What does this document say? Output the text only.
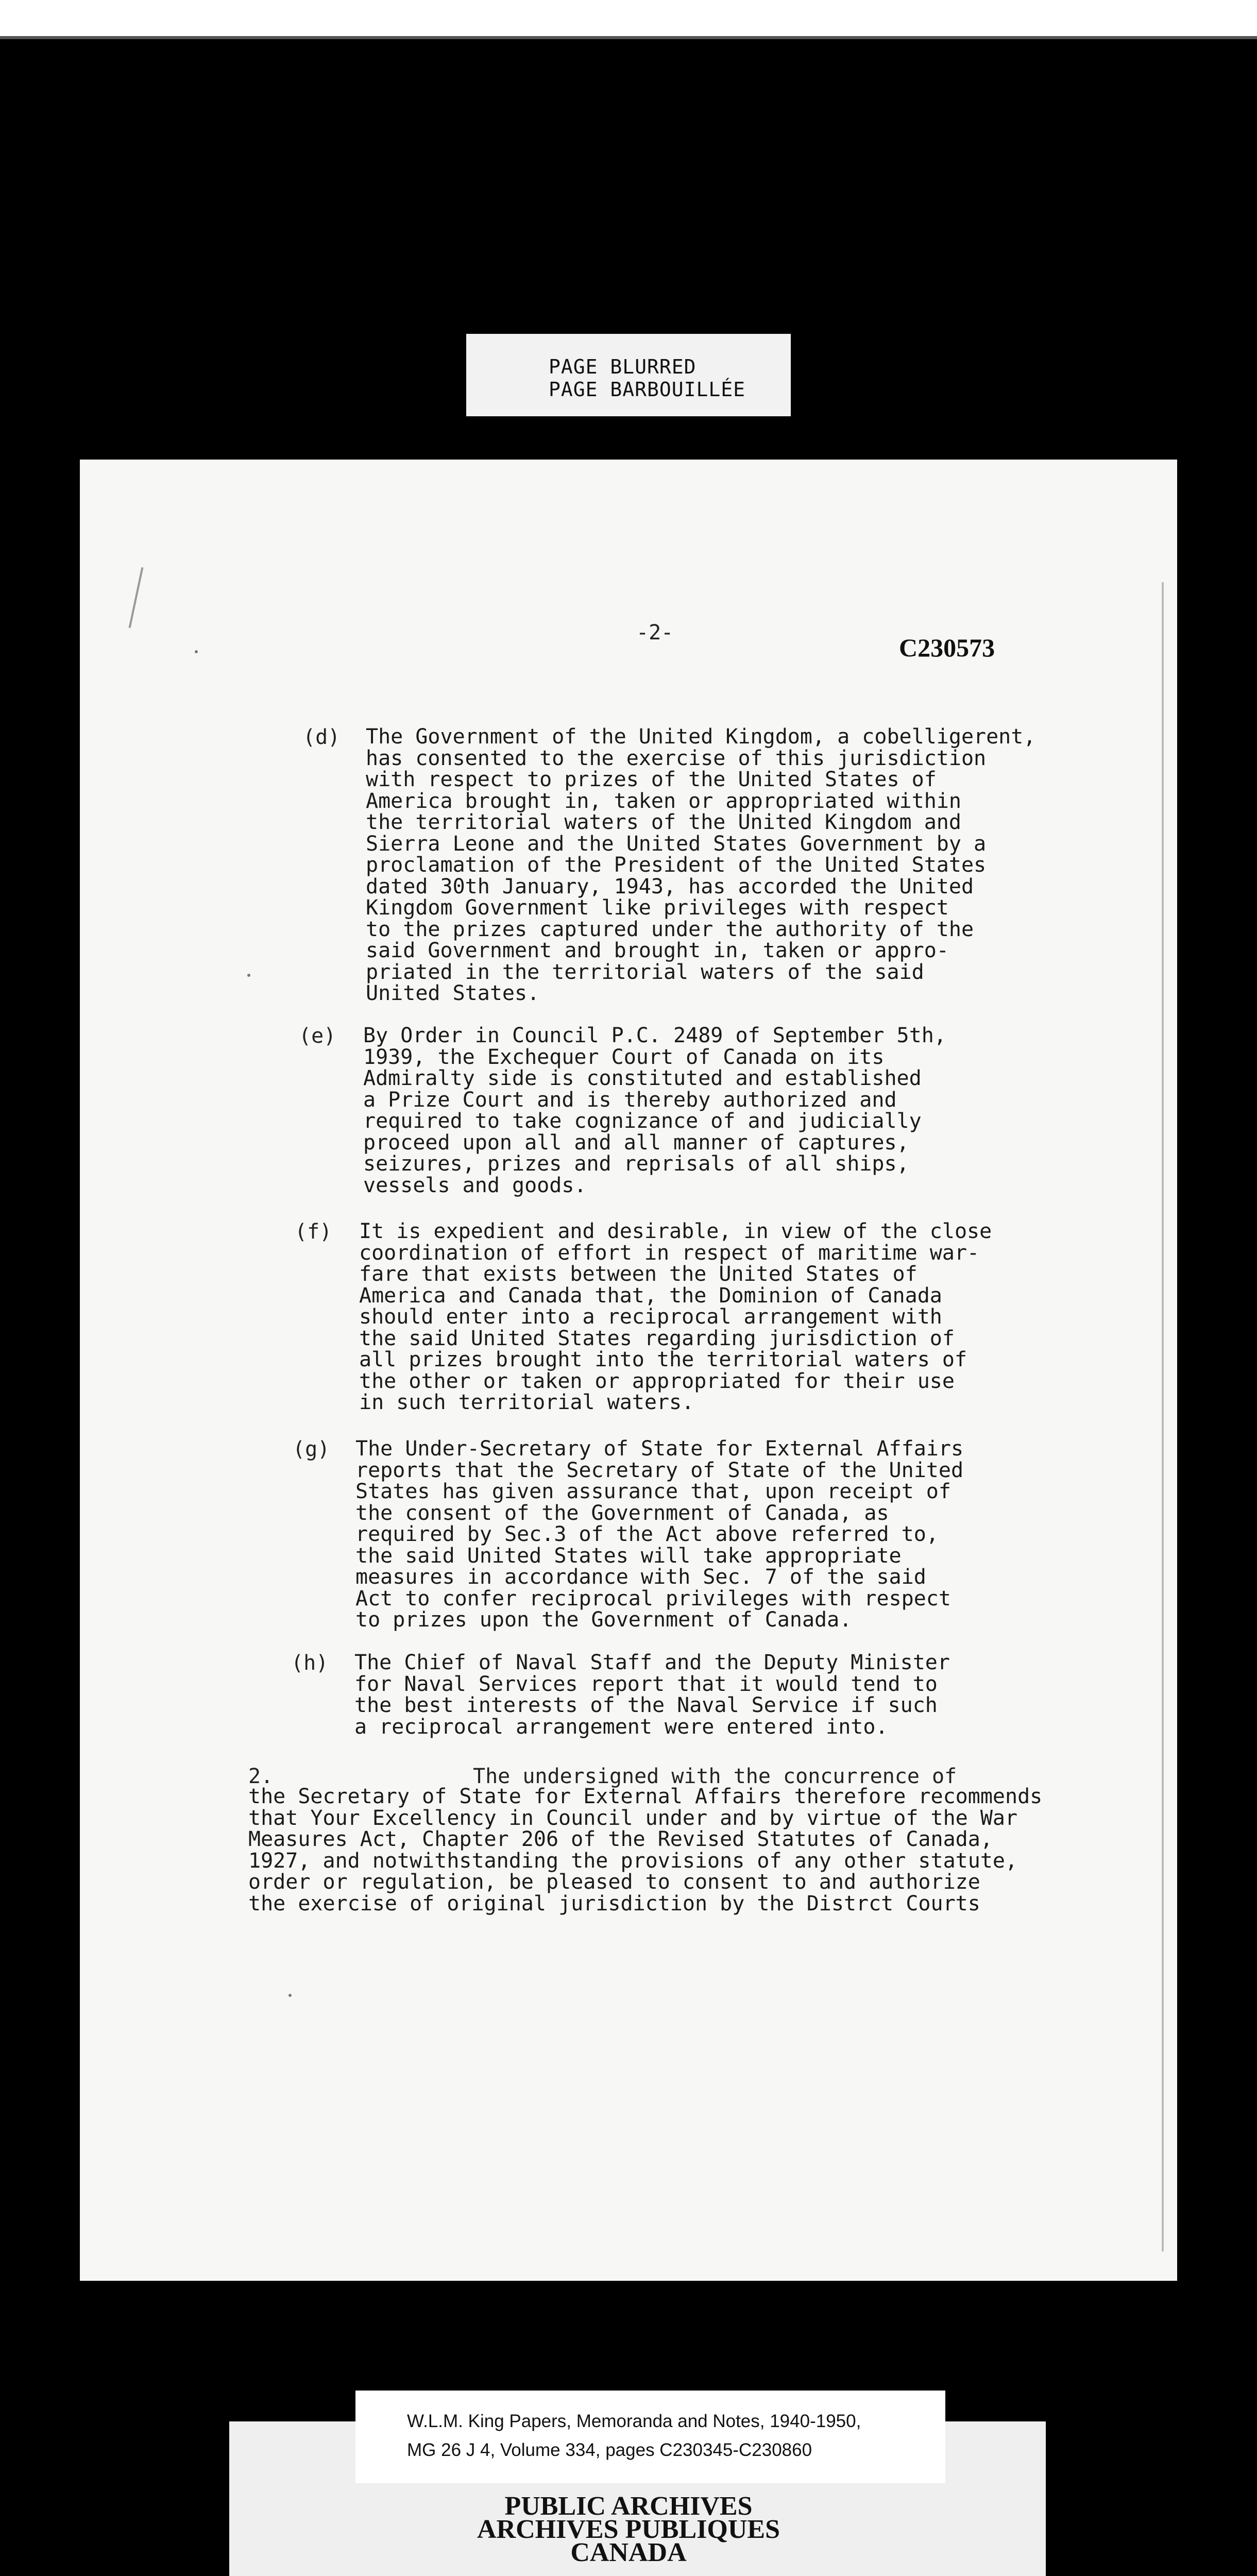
PAGE BLURRED
PAGE BARBOUILLÉE
-2-
C230573
(d) The Government of the United Kingdom, a cobelligerent,
has consented to the exercise of this jurisdiction
with respect to prizes of the United States of
America brought in, taken or appropriated within
the territorial waters of the United Kingdom and
Sierra Leone and the United States Government by a
proclamation of the President of the United States
dated 30th January, 1943, has accorded the United
Kingdom Government like privileges with respect
to the prizes captured under the authority of the
said Government and brought in, taken or appro-
priated in the territorial waters of the said
United States.
(e) By Order in Council P.C. 2489 of September 5th,
1939, the Exchequer Court of Canada on its
Admiralty side is constituted and established
a Prize Court and is thereby authorized and
required to take cognizance of and judicially
proceed upon all and all manner of captures,
seizures, prizes and reprisals of all ships,
vessels and goods.
(f) It is expedient and desirable, in view of the close
coordination of effort in respect of maritime war-
fare that exists between the United States of
America and Canada that, the Dominion of Canada
should enter into a reciprocal arrangement with
the said United States regarding jurisdiction of
all prizes brought into the territorial waters of
the other or taken or appropriated for their use
in such territorial waters.
(g) The Under-Secretary of State for External Affairs
reports that the Secretary of State of the United
States has given assurance that, upon receipt of
the consent of the Government of Canada, as
required by Sec.3 of the Act above referred to,
the said United States will take appropriate
measures in accordance with Sec. 7 of the said
Act to confer reciprocal privileges with respect
to prizes upon the Government of Canada.
(h) The Chief of Naval Staff and the Deputy Minister
for Naval Services report that it would tend to
the best interests of the Naval Service if such
a reciprocal arrangement were entered into.
2.	The undersigned with the concurrence of
the Secretary of State for External Affairs therefore recommends
that Your Excellency in Council under and by virtue of the War
Measures Act, Chapter 206 of the Revised Statutes of Canada,
1927, and notwithstanding the provisions of any other statute,
order or regulation, be pleased to consent to and authorize
the exercise of original jurisdiction by the Distrct Courts
W.L.M. King Papers, Memoranda and Notes, 1940-1950,
MG 26 J 4, Volume 334, pages C230345-C230860
PUBLIC ARCHIVES
ARCHIVES PUBLIQUES
CANADA
